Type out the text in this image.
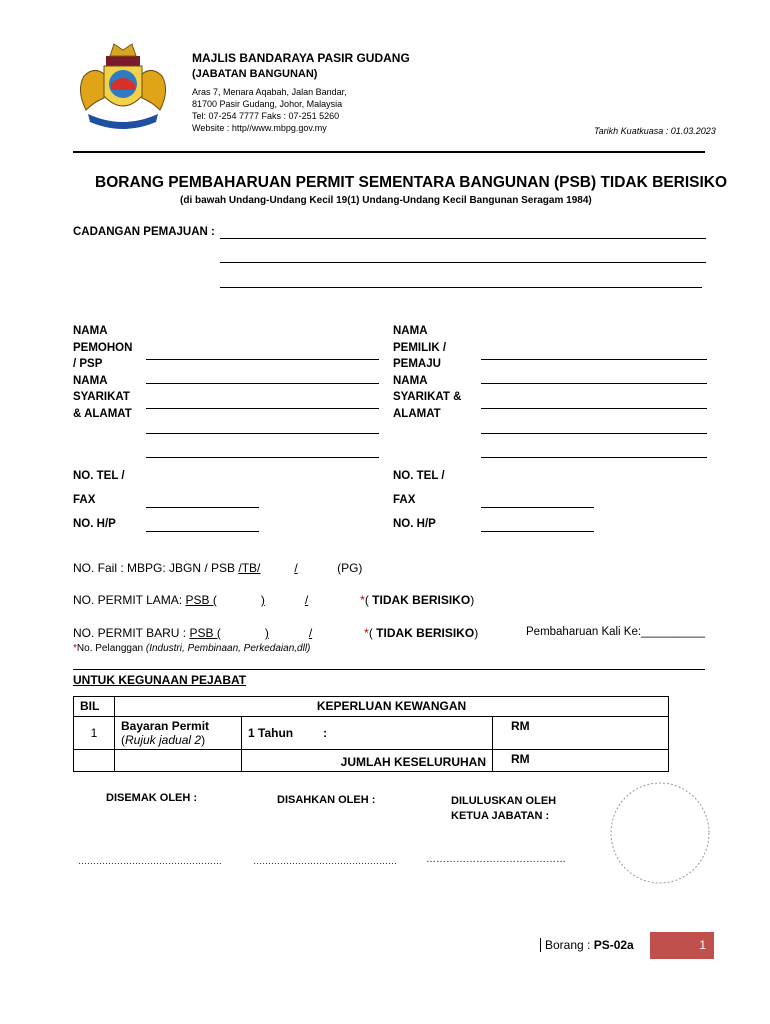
MAJLIS BANDARAYA PASIR GUDANG
(JABATAN BANGUNAN)
Aras 7, Menara Aqabah, Jalan Bandar,
81700 Pasir Gudang, Johor, Malaysia
Tel: 07-254 7777 Faks : 07-251 5260
Website : http//www.mbpg.gov.my	Tarikh Kuatkuasa : 01.03.2023
BORANG PEMBAHARUAN PERMIT SEMENTARA BANGUNAN (PSB) TIDAK BERISIKO
(di bawah Undang-Undang Kecil 19(1) Undang-Undang Kecil Bangunan Seragam 1984)
CADANGAN PEMAJUAN :
NAMA
PEMOHON
/ PSP
NAMA
SYARIKAT
& ALAMAT
NO. TEL /
FAX
NO. H/P
NAMA
PEMILIK /
PEMAJU
NAMA
SYARIKAT &
ALAMAT
NO. TEL /
FAX
NO. H/P
NO. Fail : MBPG: JBGN / PSB /TB/	/	(PG)
NO. PERMIT LAMA: PSB (	)	/	*( TIDAK BERISIKO)
NO. PERMIT BARU : PSB (	)	/	*( TIDAK BERISIKO)	Pembaharuan Kali Ke:__________
*No. Pelanggan (Industri, Pembinaan, Perkedaian,dll)
UNTUK KEGUNAAN PEJABAT
BIL	KEPERLUAN KEWANGAN		
1	Bayaran Permit
(Rujuk jadual 2)	1 Tahun :	RM
		JUMLAH KESELURUHAN	RM
DISEMAK OLEH :	DISAHKAN OLEH :	DILULUSKAN OLEH
KETUA JABATAN :
…………………………………………	…………………………………………	……………………………………
Borang : PS-02a	1
